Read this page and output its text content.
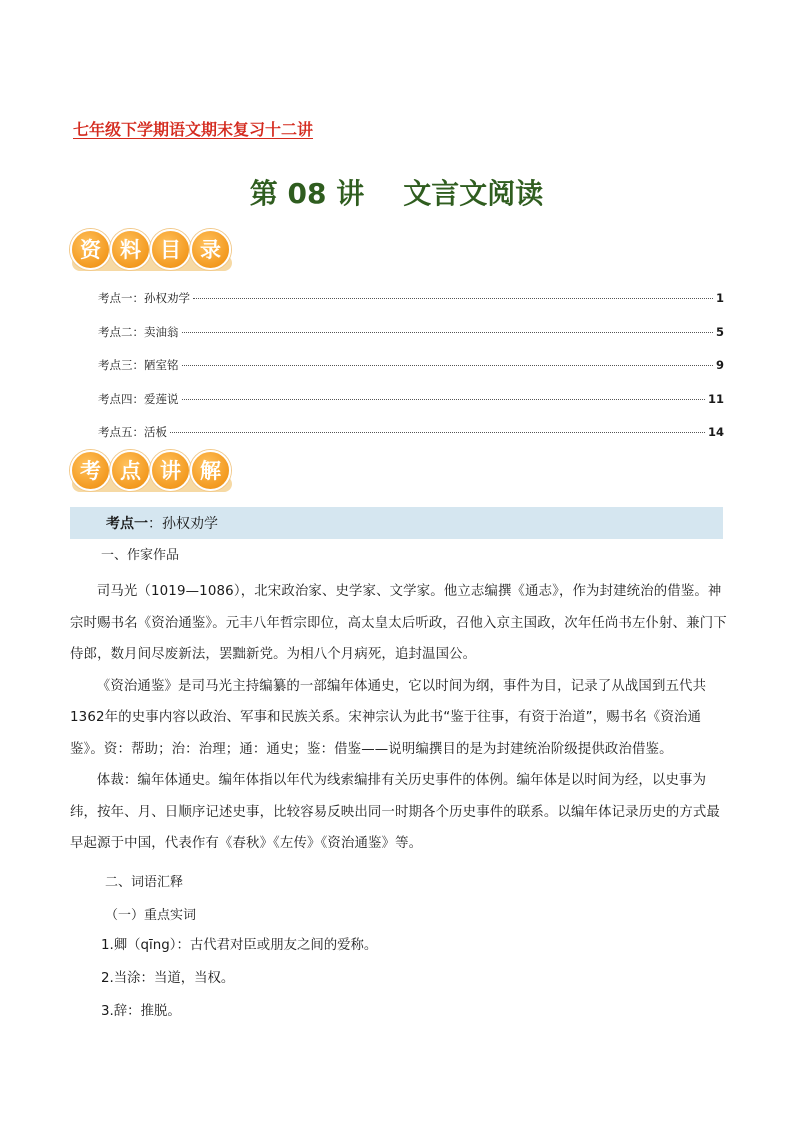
七年级下学期语文期末复习十二讲
第 08 讲    文言文阅读
资 料 目 录
考点一：孙权劝学	1
考点二：卖油翁	5
考点三：陋室铭	9
考点四：爱莲说	11
考点五：活板	14
考 点 讲 解
考点一：孙权劝学
一、作家作品

司马光（1019—1086），北宋政治家、史学家、文学家。他立志编撰《通志》，作为封建统治的借鉴。神宗时赐书名《资治通鉴》。元丰八年哲宗即位，高太皇太后听政，召他入京主国政，次年任尚书左仆射、兼门下侍郎，数月间尽废新法，罢黜新党。为相八个月病死，追封温国公。

《资治通鉴》是司马光主持编纂的一部编年体通史，它以时间为纲，事件为目，记录了从战国到五代共1362年的史事内容以政治、军事和民族关系。宋神宗认为此书“鉴于往事，有资于治道”，赐书名《资治通鉴》。资：帮助；治：治理；通：通史；鉴：借鉴——说明编撰目的是为封建统治阶级提供政治借鉴。

体裁：编年体通史。编年体指以年代为线索编排有关历史事件的体例。编年体是以时间为经，以史事为纬，按年、月、日顺序记述史事，比较容易反映出同一时期各个历史事件的联系。以编年体记录历史的方式最早起源于中国，代表作有《春秋》《左传》《资治通鉴》等。

二、词语汇释
（一）重点实词
1.卿（qīng）：古代君对臣或朋友之间的爱称。
2.当涂：当道，当权。
3.辞：推脱。
